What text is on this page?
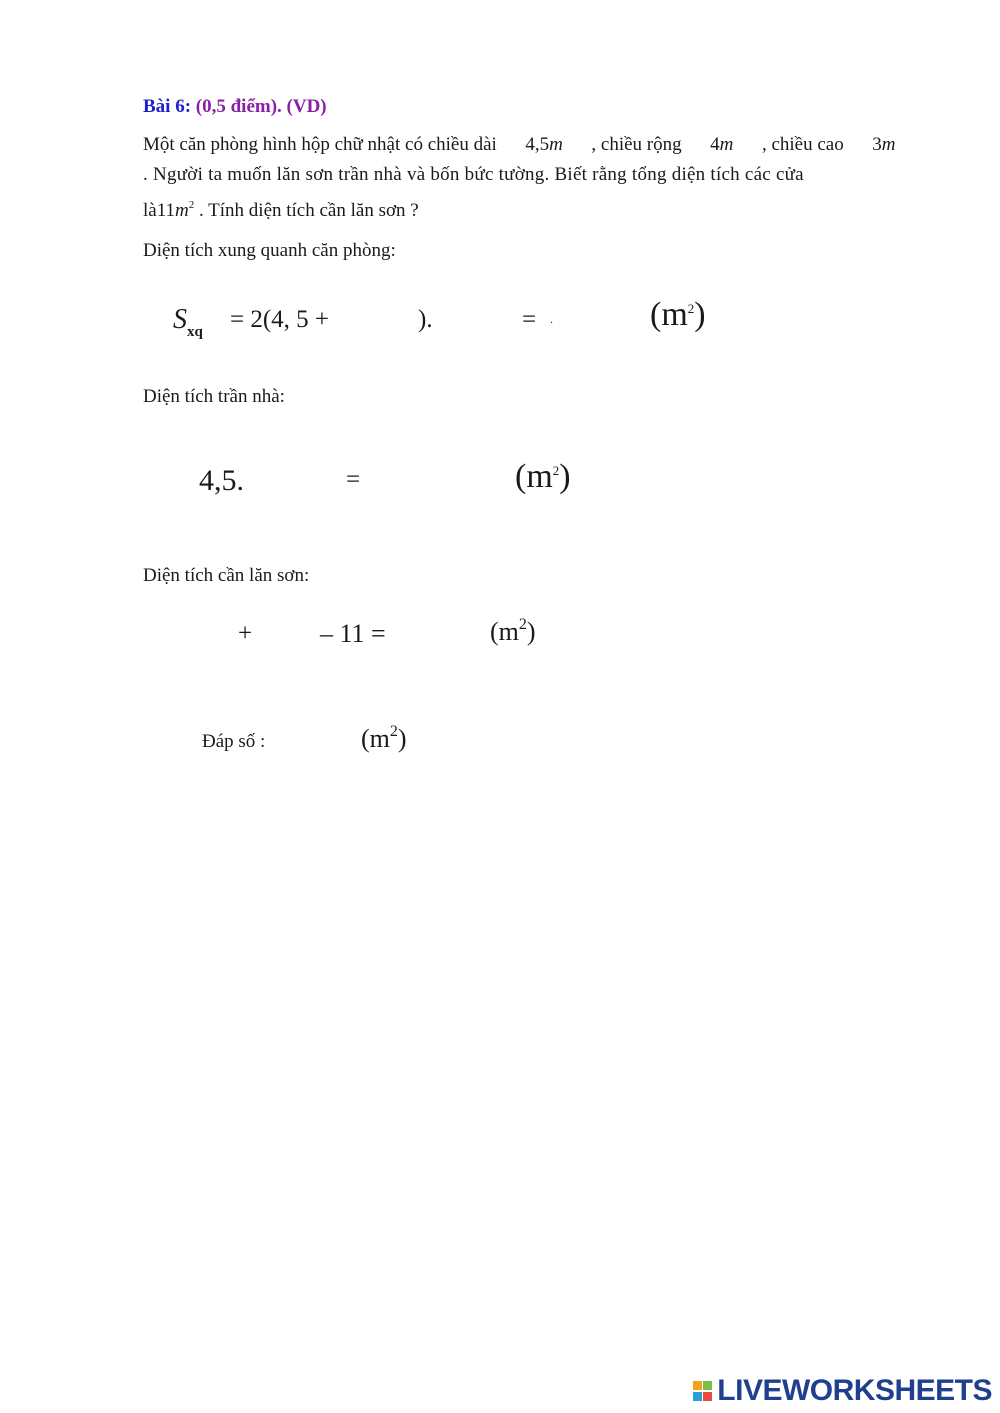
Bài 6: (0,5 điểm). (VD)
Một căn phòng hình hộp chữ nhật có chiều dài 4,5m , chiều rộng 4m , chiều cao 3m
. Người ta muốn lăn sơn trần nhà và bốn bức tường. Biết rằng tổng diện tích các cửa
$là11m^2$ . Tính diện tích cần lăn sơn ?
Diện tích xung quanh căn phòng:
$S_{xq} = 2(4$, 5 +	).	= .	$(m^2)$
Diện tích trần nhà:
4,5.	=	$(m^2)$
Diện tích cần lăn sơn:
+	– 11 =	$(m^2)$
Đáp số :	$(m^2)$
LIVEWORKSHEETS
